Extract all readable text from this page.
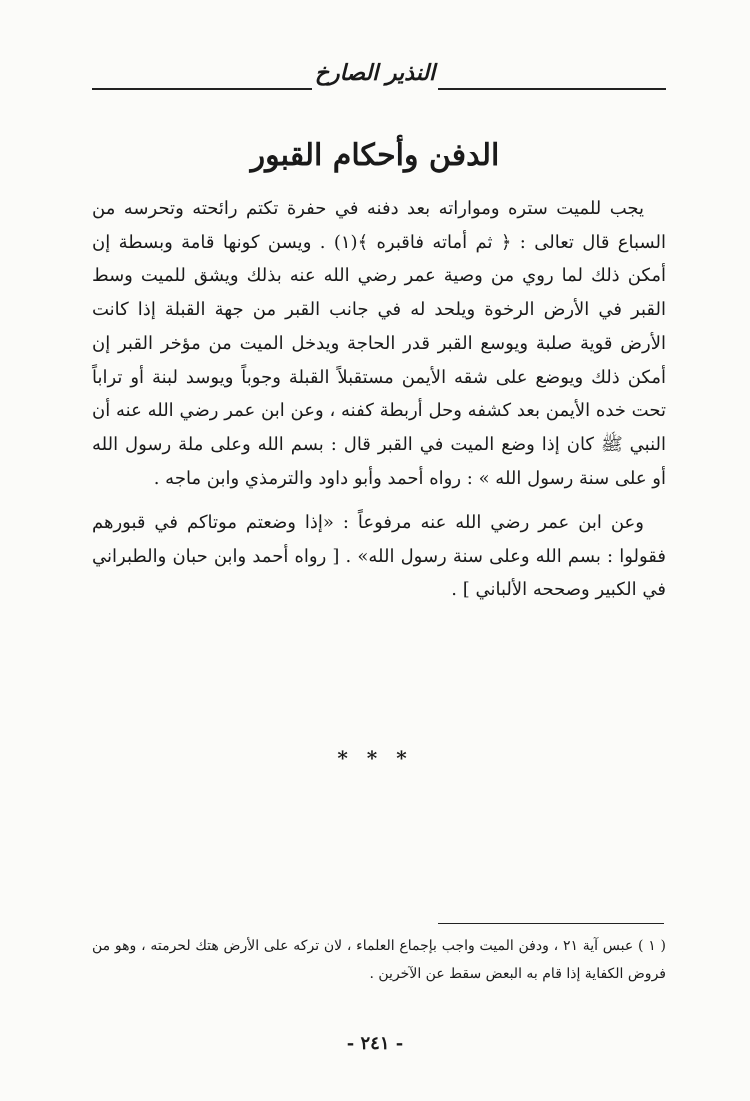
النذير الصارخ
الدفن وأحكام القبور

يجب للميت ستره ومواراته بعد دفنه في حفرة تكتم رائحته وتحرسه من السباع قال تعالى : ﴿ ثم أماته فاقبره ﴾(١) . ويسن كونها قامة وبسطة إن أمكن ذلك لما روي من وصية عمر رضي الله عنه بذلك ويشق للميت وسط القبر في الأرض الرخوة ويلحد له في جانب القبر من جهة القبلة إذا كانت الأرض قوية صلبة ويوسع القبر قدر الحاجة ويدخل الميت من مؤخر القبر إن أمكن ذلك ويوضع على شقه الأيمن مستقبلاً القبلة وجوباً ويوسد لبنة أو تراباً تحت خده الأيمن بعد كشفه وحل أربطة كفنه ، وعن ابن عمر رضي الله عنه أن النبي ﷺ كان إذا وضع الميت في القبر قال : بسم الله وعلى ملة رسول الله أو على سنة رسول الله » : رواه أحمد وأبو داود والترمذي وابن ماجه .

وعن ابن عمر رضي الله عنه مرفوعاً : «إذا وضعتم موتاكم في قبورهم فقولوا : بسم الله وعلى سنة رسول الله» . [ رواه أحمد وابن حبان والطبراني في الكبير وصححه الألباني ] .

* * *
( ١ ) عبس آية ٢١ ، ودفن الميت واجب بإجماع العلماء ، لان تركه على الأرض هتك لحرمته ، وهو من فروض الكفاية إذا قام به البعض سقط عن الآخرين .
- ٢٤١ -
